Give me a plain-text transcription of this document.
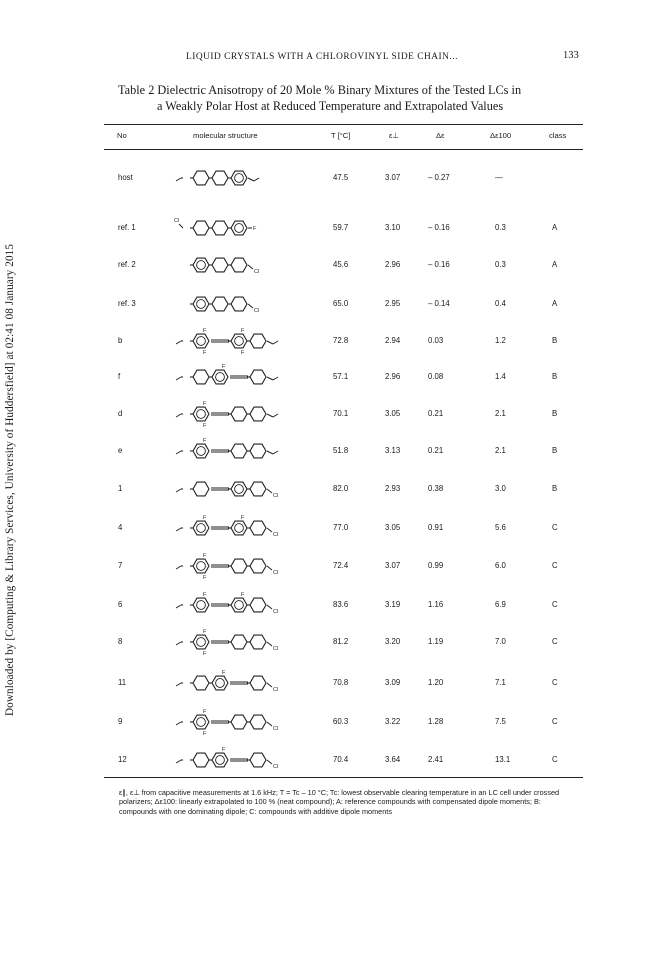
Downloaded by [Computing & Library Services, University of Huddersfield] at 02:41 08 January 2015
LIQUID CRYSTALS WITH A CHLOROVINYL SIDE CHAIN...	133
Table 2 Dielectric Anisotropy of 20 Mole % Binary Mixtures of the Tested LCs in
a Weakly Polar Host at Reduced Temperature and Extrapolated Values
No	molecular structure	T [°C]	ε⊥	Δε	Δε100	class
host	47.5	3.07	– 0.27	—
ref. 1	59.7	3.10	– 0.16	0.3	A
Cl
F
ref. 2	45.6	2.96	– 0.16	0.3	A
Cl
ref. 3	65.0	2.95	– 0.14	0.4	A
Cl
b	72.8	2.94	0.03	1.2	B
F
F
F
F
f	57.1	2.96	0.08	1.4	B
F
d	70.1	3.05	0.21	2.1	B
F
F
e	51.8	3.13	0.21	2.1	B
F
1	82.0	2.93	0.38	3.0	B
Cl
4	77.0	3.05	0.91	5.6	C
F	F
Cl
7	72.4	3.07	0.99	6.0	C
F
F
Cl
6	83.6	3.19	1.16	6.9	C
F	F
Cl
8	81.2	3.20	1.19	7.0	C
F
F
Cl
11	70.8	3.09	1.20	7.1	C
F
Cl
9	60.3	3.22	1.28	7.5	C
F
F
Cl
12	70.4	3.64	2.41	13.1	C
F
Cl
ε∥, ε⊥ from capacitive measurements at 1.6 kHz; T = Tc – 10 °C; Tc: lowest observable clearing temperature in an LC cell under crossed polarizers; Δε100: linearly extrapolated to 100 % (neat compound); A: reference compounds with compensated dipole moments; B: compounds with one dominating dipole; C: compounds with additive dipole moments
